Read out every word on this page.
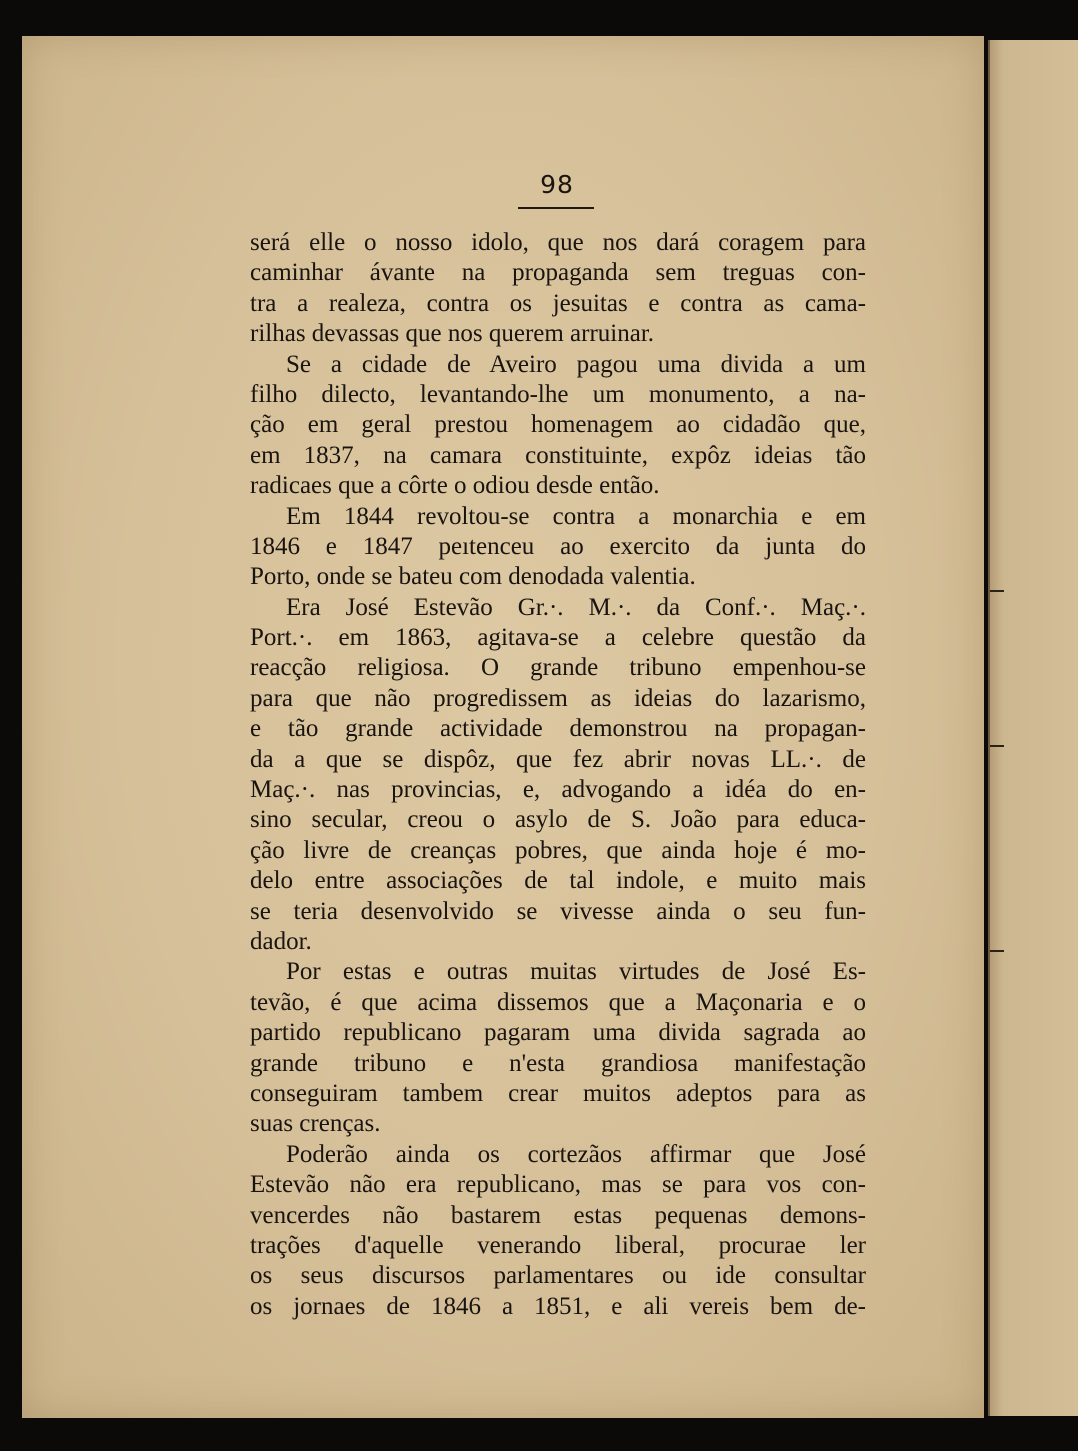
98
será elle o nosso idolo, que nos dará coragem para
caminhar ávante na propaganda sem treguas con-
tra a realeza, contra os jesuitas e contra as cama-
rilhas devassas que nos querem arruinar.
Se a cidade de Aveiro pagou uma divida a um
filho dilecto, levantando-lhe um monumento, a na-
ção em geral prestou homenagem ao cidadão que,
em 1837, na camara constituinte, expôz ideias tão
radicaes que a côrte o odiou desde então.
Em 1844 revoltou-se contra a monarchia e em
1846 e 1847 peıtenceu ao exercito da junta do
Porto, onde se bateu com denodada valentia.
Era José Estevão Gr.·. M.·. da Conf.·. Maç.·.
Port.·. em 1863, agitava-se a celebre questão da
reacção religiosa. O grande tribuno empenhou-se
para que não progredissem as ideias do lazarismo,
e tão grande actividade demonstrou na propagan-
da a que se dispôz, que fez abrir novas LL.·. de
Maç.·. nas provincias, e, advogando a idéa do en-
sino secular, creou o asylo de S. João para educa-
ção livre de creanças pobres, que ainda hoje é mo-
delo entre associações de tal indole, e muito mais
se teria desenvolvido se vivesse ainda o seu fun-
dador.
Por estas e outras muitas virtudes de José Es-
tevão, é que acima dissemos que a Maçonaria e o
partido republicano pagaram uma divida sagrada ao
grande tribuno e n'esta grandiosa manifestação
conseguiram tambem crear muitos adeptos para as
suas crenças.
Poderão ainda os cortezãos affirmar que José
Estevão não era republicano, mas se para vos con-
vencerdes não bastarem estas pequenas demons-
trações d'aquelle venerando liberal, procurae ler
os seus discursos parlamentares ou ide consultar
os jornaes de 1846 a 1851, e ali vereis bem de-
